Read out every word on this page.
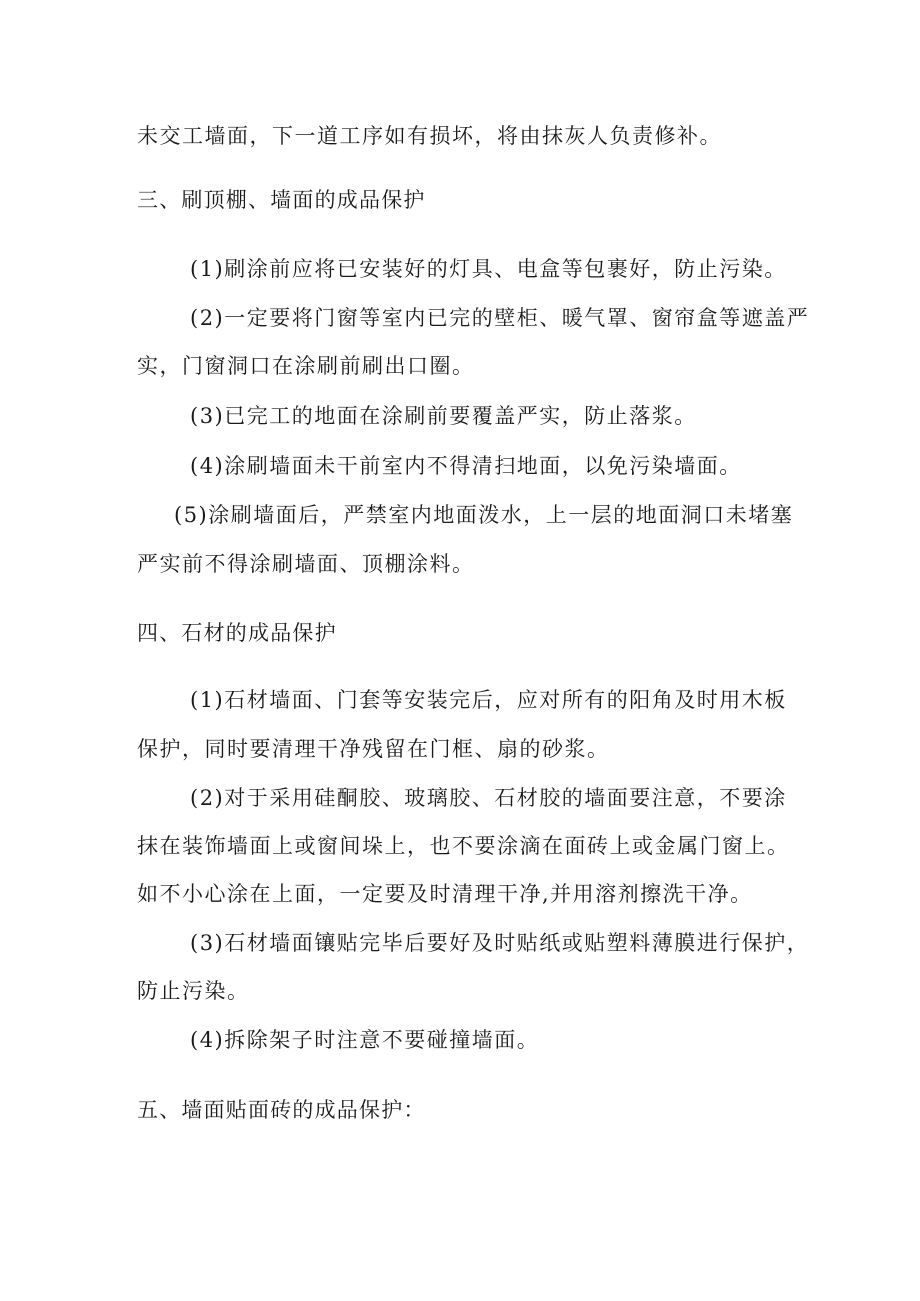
未交工墙面，下一道工序如有损坏，将由抹灰人负责修补。

三、刷顶棚、墙面的成品保护

(1)刷涂前应将已安装好的灯具、电盒等包裹好，防止污染。

(2)一定要将门窗等室内已完的壁柜、暖气罩、窗帘盒等遮盖严

实，门窗洞口在涂刷前刷出口圈。

(3)已完工的地面在涂刷前要覆盖严实，防止落浆。

(4)涂刷墙面未干前室内不得清扫地面，以免污染墙面。

(5)涂刷墙面后，严禁室内地面泼水，上一层的地面洞口未堵塞

严实前不得涂刷墙面、顶棚涂料。

四、石材的成品保护

(1)石材墙面、门套等安装完后，应对所有的阳角及时用木板

保护，同时要清理干净残留在门框、扇的砂浆。

(2)对于采用硅酮胶、玻璃胶、石材胶的墙面要注意，不要涂

抹在装饰墙面上或窗间垛上，也不要涂滴在面砖上或金属门窗上。

如不小心涂在上面，一定要及时清理干净,并用溶剂擦洗干净。

(3)石材墙面镶贴完毕后要好及时贴纸或贴塑料薄膜进行保护，

防止污染。

(4)拆除架子时注意不要碰撞墙面。

五、墙面贴面砖的成品保护：
